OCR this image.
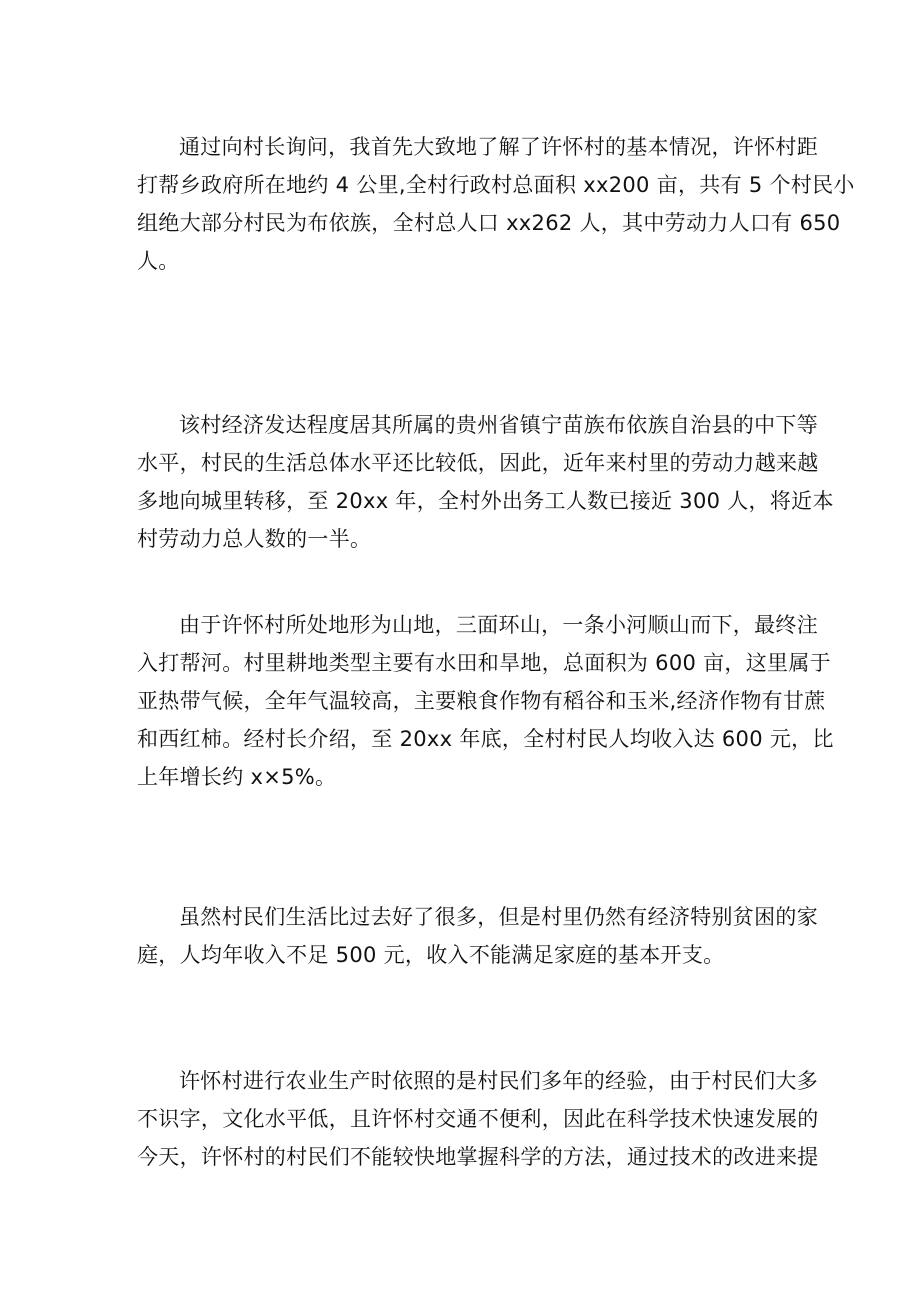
通过向村长询问，我首先大致地了解了许怀村的基本情况，许怀村距
打帮乡政府所在地约 4 公里,全村行政村总面积 xx200 亩，共有 5 个村民小
组绝大部分村民为布依族，全村总人口 xx262 人，其中劳动力人口有 650
人。
该村经济发达程度居其所属的贵州省镇宁苗族布依族自治县的中下等
水平，村民的生活总体水平还比较低，因此，近年来村里的劳动力越来越
多地向城里转移，至 20xx 年，全村外出务工人数已接近 300 人，将近本
村劳动力总人数的一半。
由于许怀村所处地形为山地，三面环山，一条小河顺山而下，最终注
入打帮河。村里耕地类型主要有水田和旱地，总面积为 600 亩，这里属于
亚热带气候，全年气温较高，主要粮食作物有稻谷和玉米,经济作物有甘蔗
和西红柿。经村长介绍，至 20xx 年底，全村村民人均收入达 600 元，比
上年增长约 x×5%。
虽然村民们生活比过去好了很多，但是村里仍然有经济特别贫困的家
庭，人均年收入不足 500 元，收入不能满足家庭的基本开支。
许怀村进行农业生产时依照的是村民们多年的经验，由于村民们大多
不识字，文化水平低，且许怀村交通不便利，因此在科学技术快速发展的
今天，许怀村的村民们不能较快地掌握科学的方法，通过技术的改进来提
